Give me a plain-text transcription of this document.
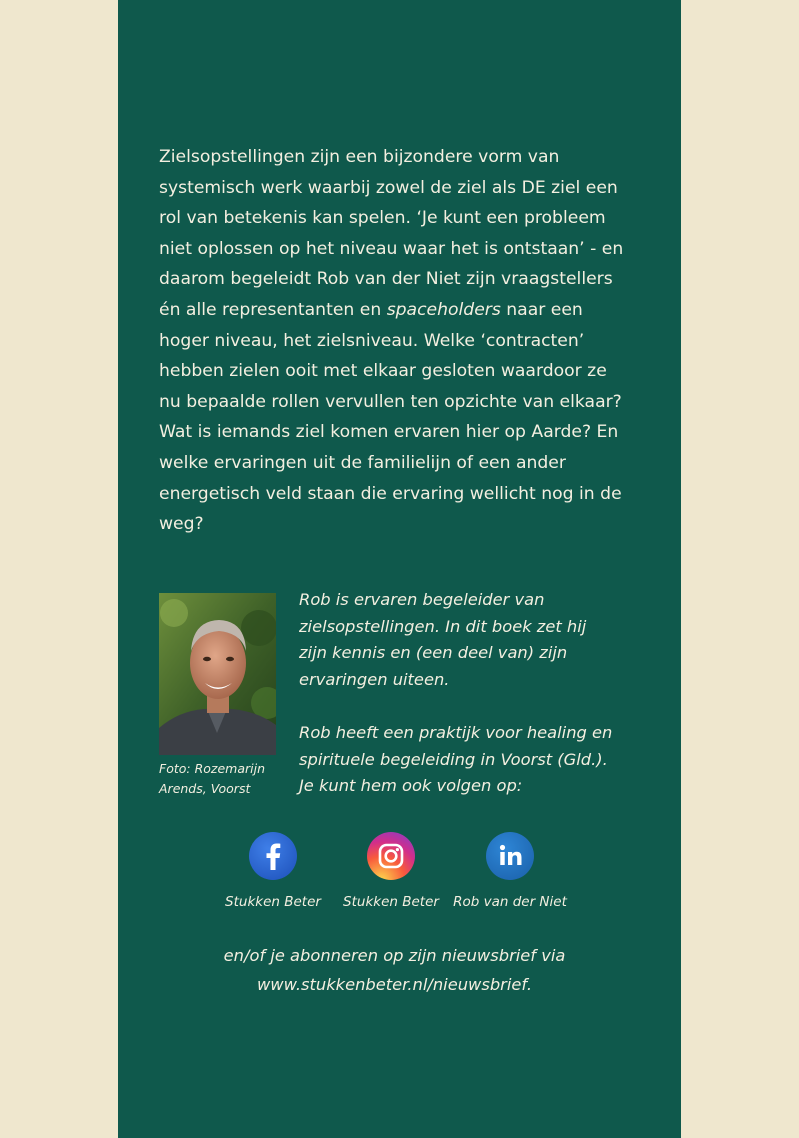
Zielsopstellingen zijn een bijzondere vorm van systemisch werk waarbij zowel de ziel als DE ziel een rol van betekenis kan spelen. ‘Je kunt een probleem niet oplossen op het niveau waar het is ontstaan’ - en daarom begeleidt Rob van der Niet zijn vraagstellers én alle representanten en spaceholders naar een hoger niveau, het zielsniveau. Welke ‘contracten’ hebben zielen ooit met elkaar gesloten waardoor ze nu bepaalde rollen vervullen ten opzichte van elkaar? Wat is iemands ziel komen ervaren hier op Aarde? En welke ervaringen uit de familielijn of een ander energetisch veld staan die ervaring wellicht nog in de weg?

Foto: Rozemarijn
Arends, Voorst

Rob is ervaren begeleider van zielsopstellingen. In dit boek zet hij zijn kennis en (een deel van) zijn ervaringen uiteen.

Rob heeft een praktijk voor healing en spirituele begeleiding in Voorst (Gld.). Je kunt hem ook volgen op:

Stukken Beter	Stukken Beter	Rob van der Niet
en/of je abonneren op zijn nieuwsbrief via
www.stukkenbeter.nl/nieuwsbrief.
